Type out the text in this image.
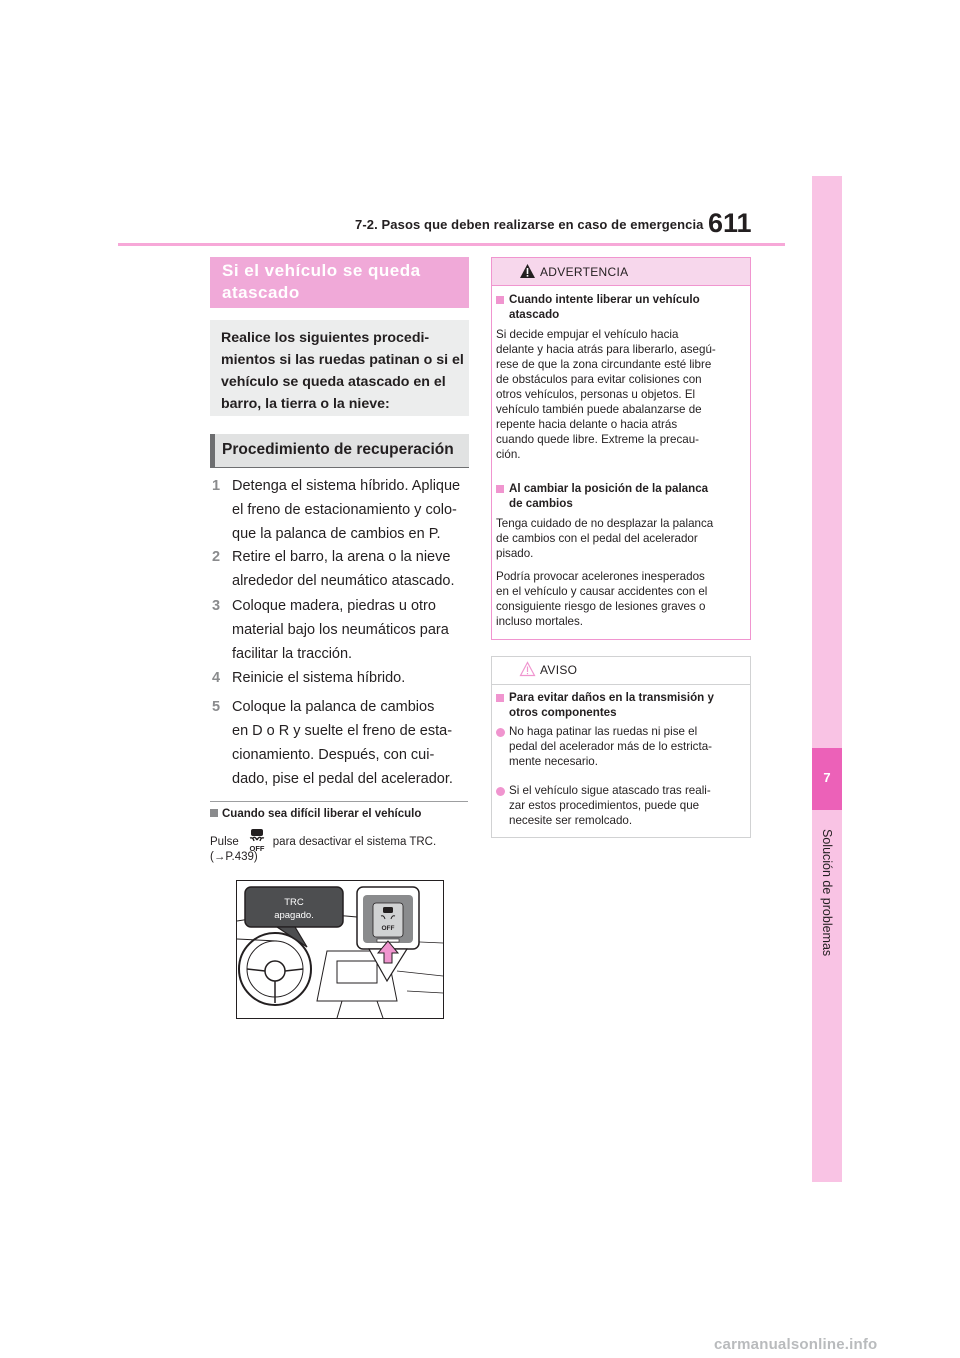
7-2. Pasos que deben realizarse en caso de emergencia 611
7
Solución de problemas
Si el vehículo se queda atascado
Realice los siguientes procedi-mientos si las ruedas patinan o si el vehículo se queda atascado en el barro, la tierra o la nieve:
Procedimiento de recuperación
1 Detenga el sistema híbrido. Aplique
el freno de estacionamiento y colo-
que la palanca de cambios en P.
2 Retire el barro, la arena o la nieve
alrededor del neumático atascado.
3 Coloque madera, piedras u otro
material bajo los neumáticos para
facilitar la tracción.
4 Reinicie el sistema híbrido.
5 Coloque la palanca de cambios
en D o R y suelte el freno de esta-
cionamiento. Después, con cui-
dado, pise el pedal del acelerador.
Cuando sea difícil liberar el vehículo
Pulse	para desactivar el sistema TRC.
OFF
(→P.439)
TRC
apagado.
OFF
ADVERTENCIA
Cuando intente liberar un vehículo
atascado
Si decide empujar el vehículo hacia
delante y hacia atrás para liberarlo, asegú-
rese de que la zona circundante esté libre
de obstáculos para evitar colisiones con
otros vehículos, personas u objetos. El
vehículo también puede abalanzarse de
repente hacia delante o hacia atrás
cuando quede libre. Extreme la precau-
ción.
Al cambiar la posición de la palanca
de cambios
Tenga cuidado de no desplazar la palanca
de cambios con el pedal del acelerador
pisado.
Podría provocar acelerones inesperados
en el vehículo y causar accidentes con el
consiguiente riesgo de lesiones graves o
incluso mortales.
AVISO
Para evitar daños en la transmisión y
otros componentes
No haga patinar las ruedas ni pise el
pedal del acelerador más de lo estricta-
mente necesario.
Si el vehículo sigue atascado tras reali-
zar estos procedimientos, puede que
necesite ser remolcado.
carmanualsonline.info
